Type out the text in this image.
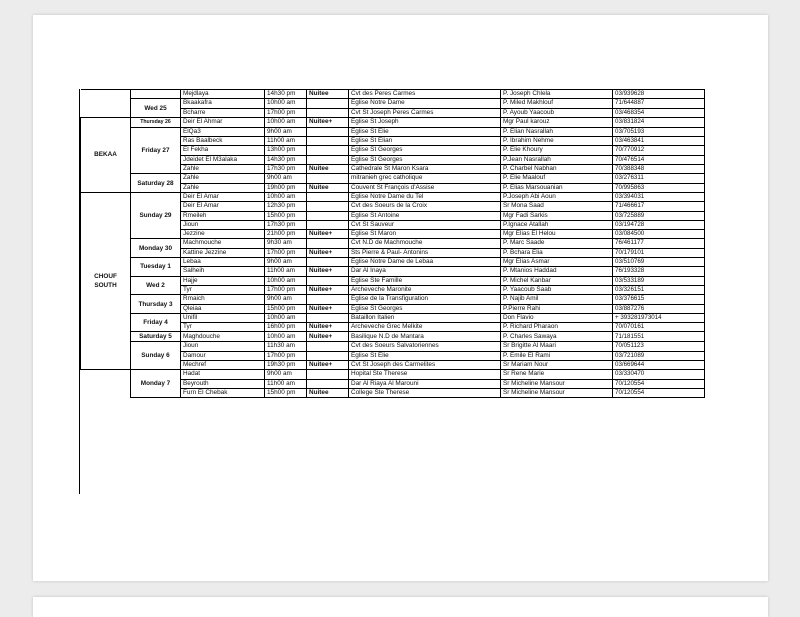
		Mejdlaya	14h30 pm	Nuitee	Cvt des Peres Carmes	P. Joseph Chlela	03/939628
	Wed 25	Bkaakafra	10h00 am		Eglise Notre Dame	P. Miled Makhlouf	71/644887
		Bcharre	17h00 pm		Cvt St Joseph Peres Carmes	P. Ayoub Yaacoub	03/468354
BEKAA	Thursday 26	Deir El Ahmar	10h00 am	Nuitee+	Eglise St Joseph	Mgr Paul karouz	03/831824
	Friday 27	ElQa3	9h00 am		Eglise St Elie	P. Elian Nasrallah	03/705193
		Ras Baalbeck	11h00 am		Eglise St Elian	P. Ibrahim Nehme	03/463841
		El Fekha	13h00 pm		Eglise St Georges	P. Elie Khoury	70/770912
		Jdeidet El M3alaka	14h30 pm		Eglise St Georges	P.Jean Nasrallah	70/476514
		Zahle	17h30 pm	Nuitee	Cathedrale St Maron Ksara	P. Charbel Nabhan	70/388348
	Saturday 28	Zahle	9h00 am		mitranieh grec catholique	P. Elie Maalouf	03/276311
		Zahle	19h00 pm	Nuitee	Couvent St François d'Assise	P. Elias Marsouanian	70/995863
CHOUF SOUTH	Sunday 29	Deir El Amar	10h00 am		Eglise Notre Dame du Tel	P.Joseph Abi Aoun	03/394031
		Deir El Amar	12h30 pm		Cvt des Soeurs de la Croix	Sr Mona Saad	71/466617
		Rmeileh	15h00 pm		Eglise St Antoine	Mgr Fadi Sarkis	03/725889
		Jioun	17h30 pm		Cvt St Sauveur	P.Ignace Atallah	03/194728
		Jezzine	21h00 pm	Nuitee+	Eglise St Maron	Mgr Elias El Helou	03/084500
	Monday 30	Machmouche	9h30 am		Cvt N.D de Machmouche	P. Marc Saade	76/461177
		Kattine Jezzine	17h00 pm	Nuitee+	Sts Pierre & Paul- Antonins	P. Bchara Elia	70/179101
	Tuesday 1	Lebaa	9h00 am		Eglise Notre Dame de Lebaa	Mgr Elias Asmar	03/510769
		Salheih	11h00 am	Nuitee+	Dar Al Inaya	P. Mtanios Haddad	76/193328
	Wed 2	Hajje	10h00 am		Eglise Ste Famille	P. Michel Kanbar	03/533189
		Tyr	17h00 pm	Nuitee+	Archeveche Maronite	P. Yaacoub Saab	03/326151
	Thursday 3	Rmaich	9h00 am		Eglise de la Transfiguration	P. Najib Amil	03/376615
		Qleiaa	15h00 pm	Nuitee+	Eglise St Georges	P.Pierre Rahi	03/887276
	Friday 4	Unifil	10h00 am		Bataillon Italien	Don Flavio	+ 393281973014
		Tyr	16h00 pm	Nuitee+	Archeveche Grec Melkite	P. Richard Pharaon	70/070161
	Saturday 5	Maghdouche	10h00 am	Nuitee+	Basilique N.D de Mantara	P. Charles Sawaya	71/181551
	Sunday 6	Jioun	11h30 am		Cvt des Soeurs Salvatoriennes	Sr Brigitte Al Maari	70/051123
		Damour	17h00 pm		Eglise St Elie	P. Emile El Rami	03/721089
		Mechref	19h30 pm	Nuitee+	Cvt St Joseph des Carmelites	Sr Mariam Nour	03/669644
	Monday 7	Hadat	9h00 am		Hopital Ste Therese	Sr Rene Marie	03/330470
		Beyrouth	11h00 am		Dar Al Riaya Al Marouni	Sr Micheline Mansour	70/120554
		Furn El Chebak	15h00 pm	Nuitee	College Ste Therese	Sr Micheline Mansour	70/120554
